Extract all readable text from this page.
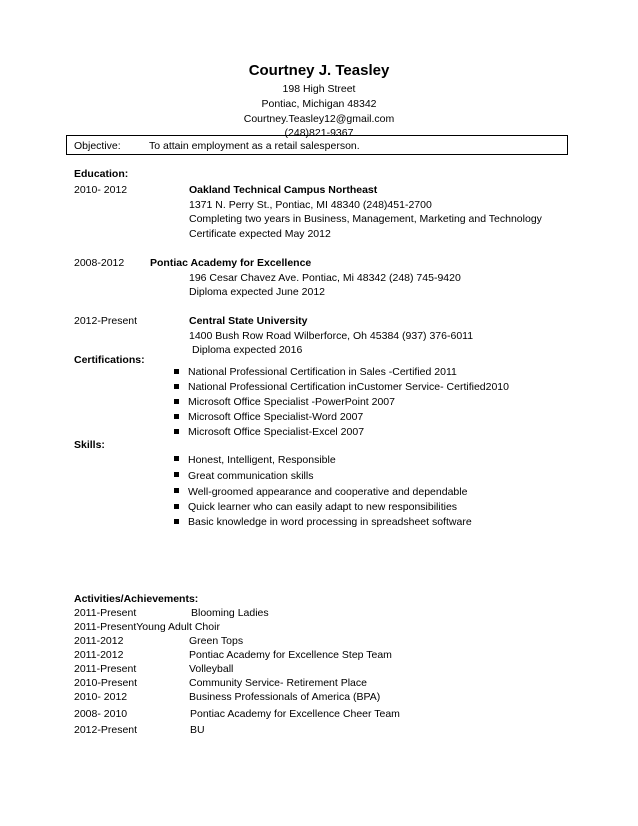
Courtney J. Teasley
198 High Street
Pontiac, Michigan 48342
Courtney.Teasley12@gmail.com
(248)821-9367
Objective:	To attain employment as a retail salesperson.
Education:
2010- 2012	Oakland Technical Campus Northeast
1371 N. Perry St., Pontiac, MI 48340 (248)451-2700
Completing two years in Business, Management, Marketing and Technology
Certificate expected May 2012
2008-2012 Pontiac Academy for Excellence
196 Cesar Chavez Ave. Pontiac, Mi 48342 (248) 745-9420
Diploma expected June 2012
2012-Present	Central State University
1400 Bush Row Road Wilberforce, Oh 45384 (937) 376-6011
Diploma expected 2016
Certifications:
National Professional Certification in Sales -Certified 2011
National Professional Certification inCustomer Service- Certified2010
Microsoft Office Specialist -PowerPoint 2007
Microsoft Office Specialist-Word 2007
Microsoft Office Specialist-Excel 2007
Skills:
Honest, Intelligent, Responsible
Great communication skills
Well-groomed appearance and cooperative and dependable
Quick learner who can easily adapt to new responsibilities
Basic knowledge in word processing in spreadsheet software
Activities/Achievements:
2011-Present	Blooming Ladies
2011-PresentYoung Adult Choir
2011-2012	Green Tops
2011-2012	Pontiac Academy for Excellence Step Team
2011-Present	Volleyball
2010-Present	Community Service- Retirement Place
2010- 2012	Business Professionals of America (BPA)
2008- 2010	Pontiac Academy for Excellence Cheer Team
2012-Present	BU
